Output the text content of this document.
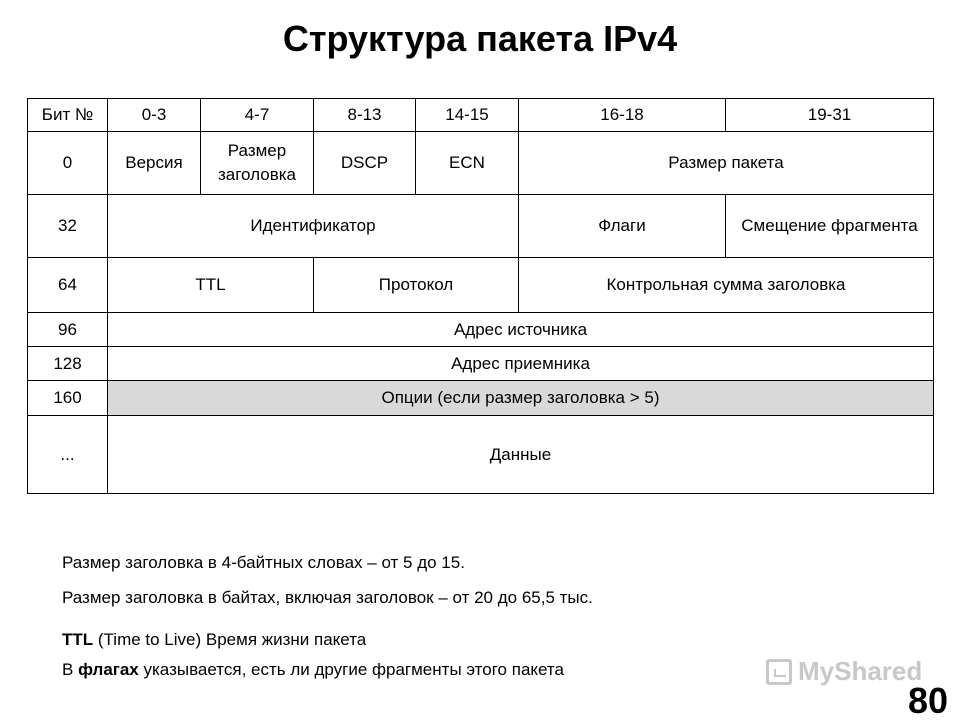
Структура пакета IPv4
Бит №	0-3	4-7	8-13	14-15	16-18	19-31
0	Версия	Размер заголовка	DSCP	ECN	Размер пакета	
32	Идентификатор				Флаги	Смещение фрагмента
64	TTL		Протокол		Контрольная сумма заголовка	
96	Адрес источника					
128	Адрес приемника					
160	Опции (если размер заголовка > 5)					
...	Данные					
Размер заголовка в 4-байтных словах – от 5 до 15.
Размер заголовка в байтах, включая заголовок – от 20 до 65,5 тыс.
TTL (Time to Live) Время жизни пакета
В флагах указывается, есть ли другие фрагменты этого пакета	MyShared
80
